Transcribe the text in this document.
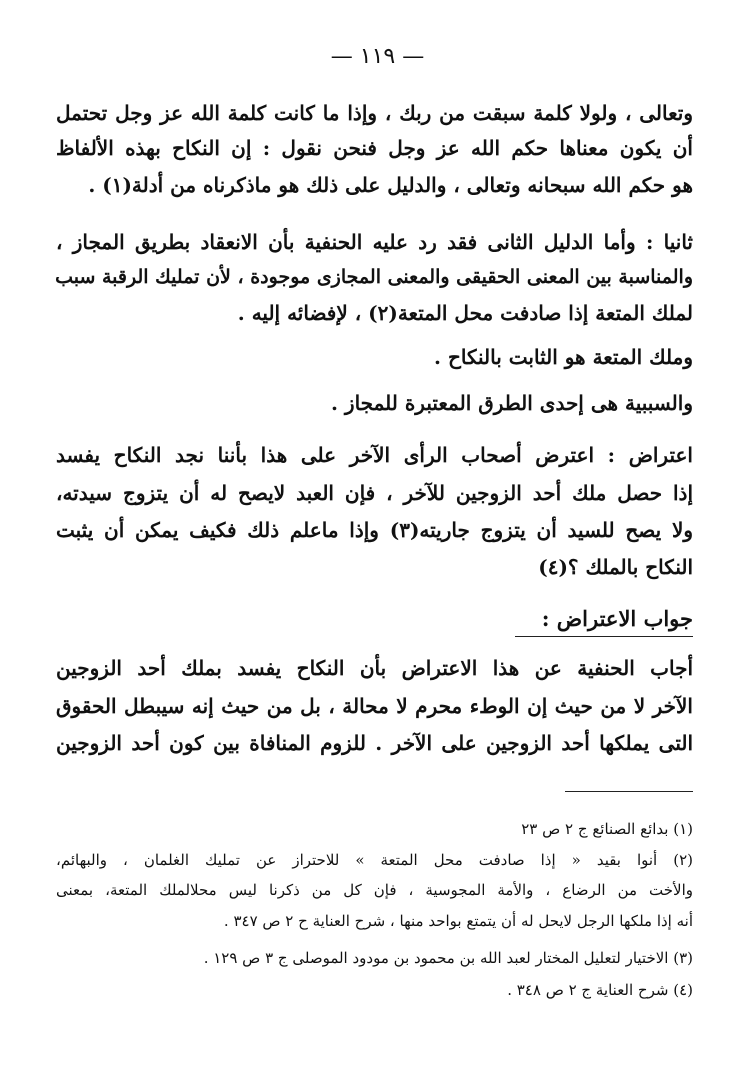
— ١١٩ —
وتعالى ، ولولا كلمة سبقت من ربك ، وإذا ما كانت كلمة الله عز وجل تحتمل
أن يكون معناها حكم الله عز وجل فنحن نقول : إن النكاح بهذه الألفاظ
هو حكم الله سبحانه وتعالى ، والدليل على ذلك هو ماذكرناه من أدلة(١) .
ثانيا : وأما الدليل الثانى فقد رد عليه الحنفية بأن الانعقاد بطريق المجاز ،
والمناسبة بين المعنى الحقيقى والمعنى المجازى موجودة ، لأن تمليك الرقبة سبب
لملك المتعة إذا صادفت محل المتعة(٢) ، لإفضائه إليه .
وملك المتعة هو الثابت بالنكاح .
والسببية هى إحدى الطرق المعتبرة للمجاز .
اعتراض : اعترض أصحاب الرأى الآخر على هذا بأننا نجد النكاح يفسد
إذا حصل ملك أحد الزوجين للآخر ، فإن العبد لايصح له أن يتزوج سيدته،
ولا يصح للسيد أن يتزوج جاريته(٣) وإذا ماعلم ذلك فكيف يمكن أن يثبت
النكاح بالملك ؟(٤)
جواب الاعتراض :
أجاب الحنفية عن هذا الاعتراض بأن النكاح يفسد بملك أحد الزوجين
الآخر لا من حيث إن الوطء محرم لا محالة ، بل من حيث إنه سيبطل الحقوق
التى يملكها أحد الزوجين على الآخر . للزوم المنافاة بين كون أحد الزوجين
(١) بدائع الصنائع ج ٢ ص ٢٣
(٢) أنوا بقيد « إذا صادفت محل المتعة » للاحتراز عن تمليك الغلمان ، والبهائم،
والأخت من الرضاع ، والأمة المجوسية ، فإن كل من ذكرنا ليس محلالملك المتعة، بمعنى
أنه إذا ملكها الرجل لايحل له أن يتمتع بواحد منها ، شرح العناية ح ٢ ص ٣٤٧ .
(٣) الاختيار لتعليل المختار لعبد الله بن محمود بن مودود الموصلى ج ٣ ص ١٢٩ .
(٤) شرح العناية ج ٢ ص ٣٤٨ .
